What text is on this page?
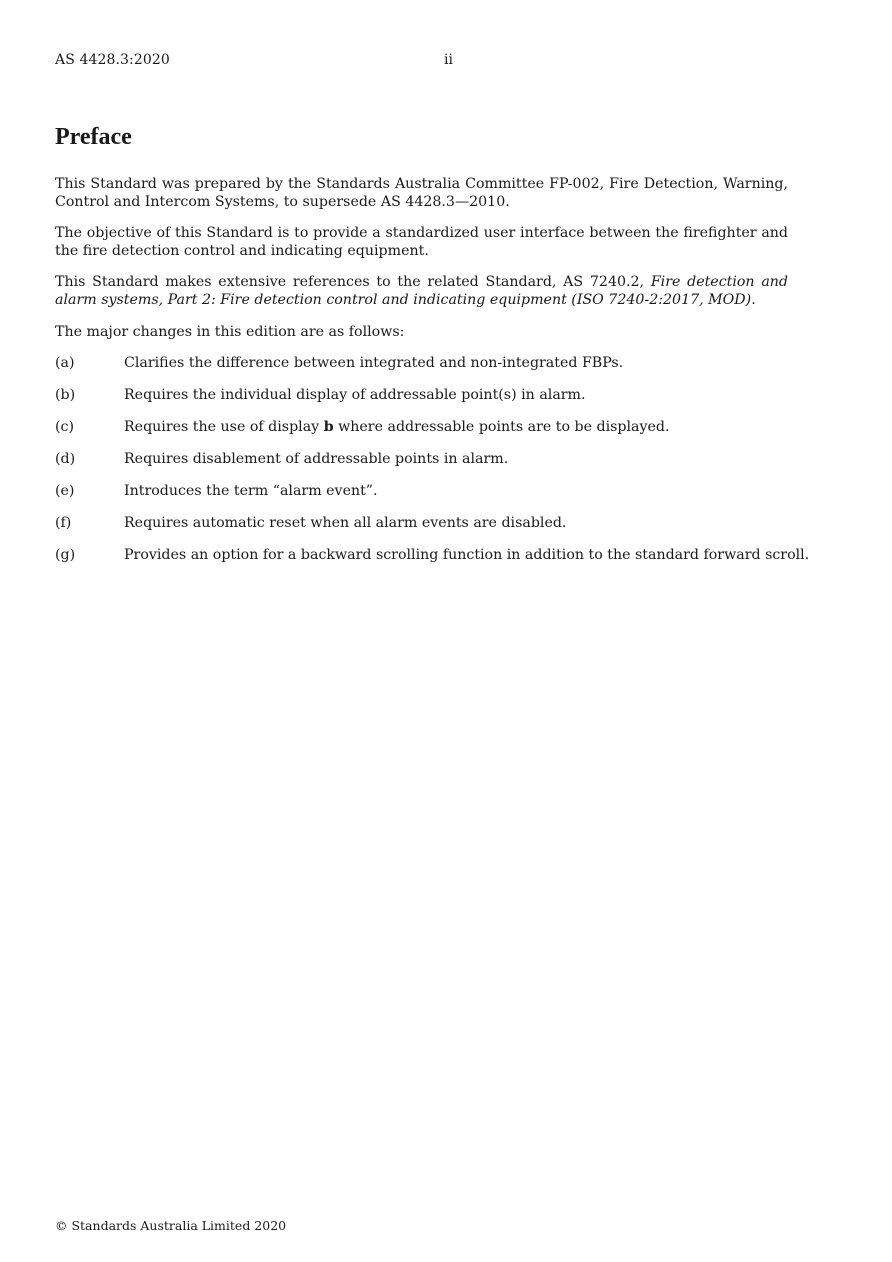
AS 4428.3:2020	ii
Preface

This Standard was prepared by the Standards Australia Committee FP-002, Fire Detection, Warning, Control and Intercom Systems, to supersede AS 4428.3—2010.

The objective of this Standard is to provide a standardized user interface between the firefighter and the fire detection control and indicating equipment.

This Standard makes extensive references to the related Standard, AS 7240.2, Fire detection and alarm systems, Part 2: Fire detection control and indicating equipment (ISO 7240-2:2017, MOD).

The major changes in this edition are as follows:

(a)	Clarifies the difference between integrated and non-integrated FBPs.
(b)	Requires the individual display of addressable point(s) in alarm.
(c)	Requires the use of display b where addressable points are to be displayed.
(d)	Requires disablement of addressable points in alarm.
(e)	Introduces the term “alarm event”.
(f)	Requires automatic reset when all alarm events are disabled.
(g)	Provides an option for a backward scrolling function in addition to the standard forward scroll.
© Standards Australia Limited 2020
